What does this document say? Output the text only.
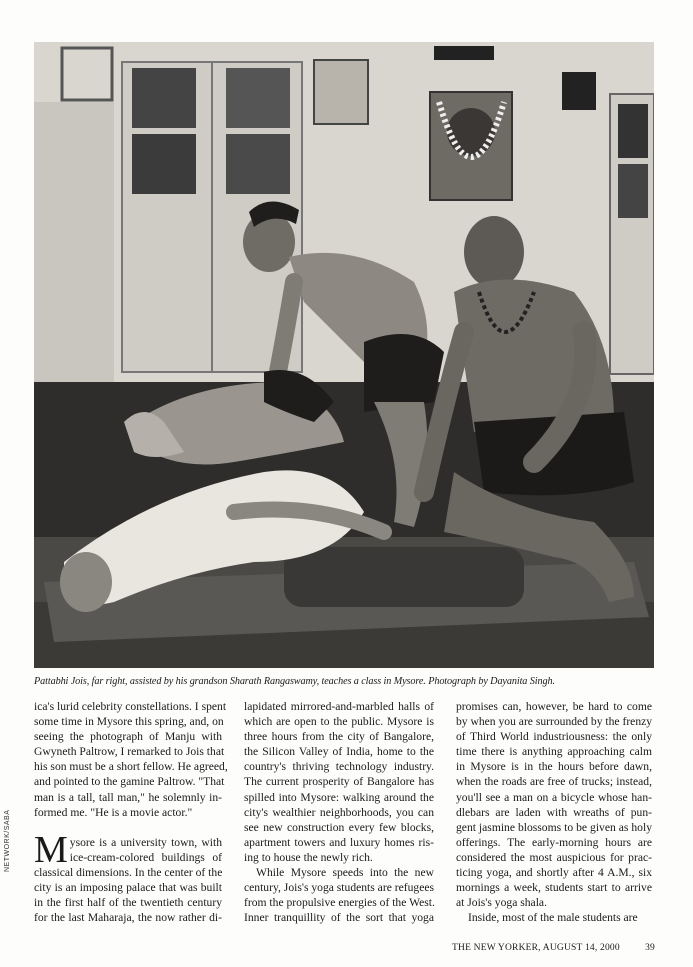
Pattabhi Jois, far right, assisted by his grandson Sharath Rangaswamy, teaches a class in Mysore. Photograph by Dayanita Singh.
ica's lurid celebrity constellations. I spent
some time in Mysore this spring, and, on
seeing the photograph of Manju with
Gwyneth Paltrow, I remarked to Jois that
his son must be a short fellow. He agreed,
and pointed to the gamine Paltrow. "That
man is a tall, tall man," he solemnly in-
formed me. "He is a movie actor."
M ysore is a university town, with
ice-cream-colored buildings of
classical dimensions. In the center of the
city is an imposing palace that was built
in the first half of the twentieth century
for the last Maharaja, the now rather di-
lapidated mirrored-and-marbled halls of
which are open to the public. Mysore is
three hours from the city of Bangalore,
the Silicon Valley of India, home to the
country's thriving technology industry.
The current prosperity of Bangalore has
spilled into Mysore: walking around the
city's wealthier neighborhoods, you can
see new construction every few blocks,
apartment towers and luxury homes ris-
ing to house the newly rich.
While Mysore speeds into the new
century, Jois's yoga students are refugees
from the propulsive energies of the West.
Inner tranquillity of the sort that yoga
promises can, however, be hard to come
by when you are surrounded by the frenzy
of Third World industriousness: the only
time there is anything approaching calm
in Mysore is in the hours before dawn,
when the roads are free of trucks; instead,
you'll see a man on a bicycle whose han-
dlebars are laden with wreaths of pun-
gent jasmine blossoms to be given as holy
offerings. The early-morning hours are
considered the most auspicious for prac-
ticing yoga, and shortly after 4 A.M., six
mornings a week, students start to arrive
at Jois's yoga shala.
Inside, most of the male students are
NETWORK/SABA
THE NEW YORKER, AUGUST 14, 2000	39
